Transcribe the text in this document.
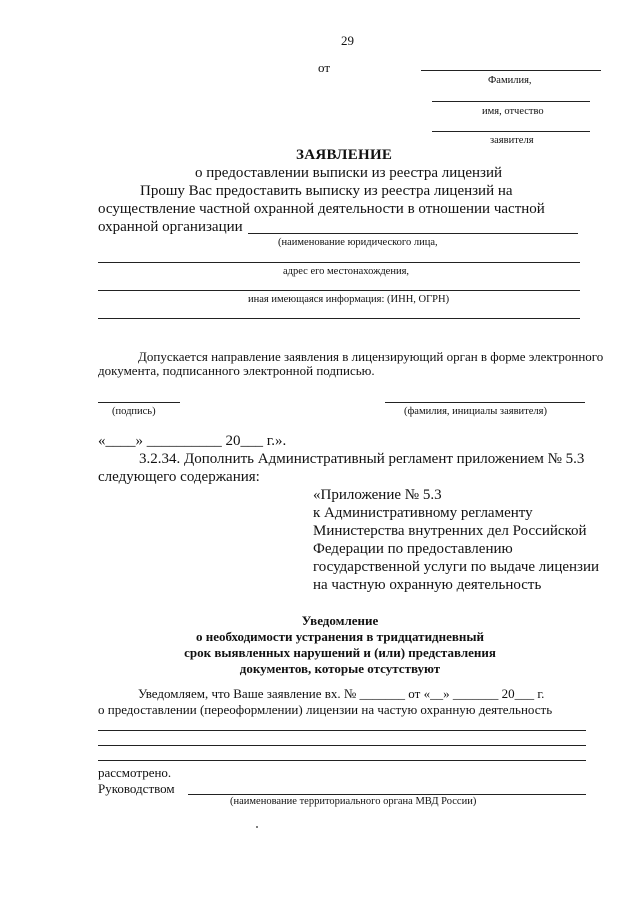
29
от
Фамилия,
имя, отчество
заявителя
ЗАЯВЛЕНИЕ
о предоставлении выписки из реестра лицензий
Прошу Вас предоставить выписку из реестра лицензий на
осуществление частной охранной деятельности в отношении частной
охранной организации
(наименование юридического лица,
адрес его местонахождения,
иная имеющаяся информация: (ИНН, ОГРН)
Допускается направление заявления в лицензирующий орган в форме электронного
документа, подписанного электронной подписью.
(подпись)	(фамилия, инициалы заявителя)
«____» __________ 20___ г.».
3.2.34. Дополнить Административный регламент приложением № 5.3
следующего содержания:
«Приложение № 5.3
к Административному регламенту
Министерства внутренних дел Российской
Федерации по предоставлению
государственной услуги по выдаче лицензии
на частную охранную деятельность
Уведомление
о необходимости устранения в тридцатидневный
срок выявленных нарушений и (или) представления
документов, которые отсутствуют
Уведомляем, что Ваше заявление вх. № _______ от «__» _______ 20___ г.
о предоставлении (переоформлении) лицензии на частую охранную деятельность
рассмотрено.
Руководством
(наименование территориального органа МВД России)
